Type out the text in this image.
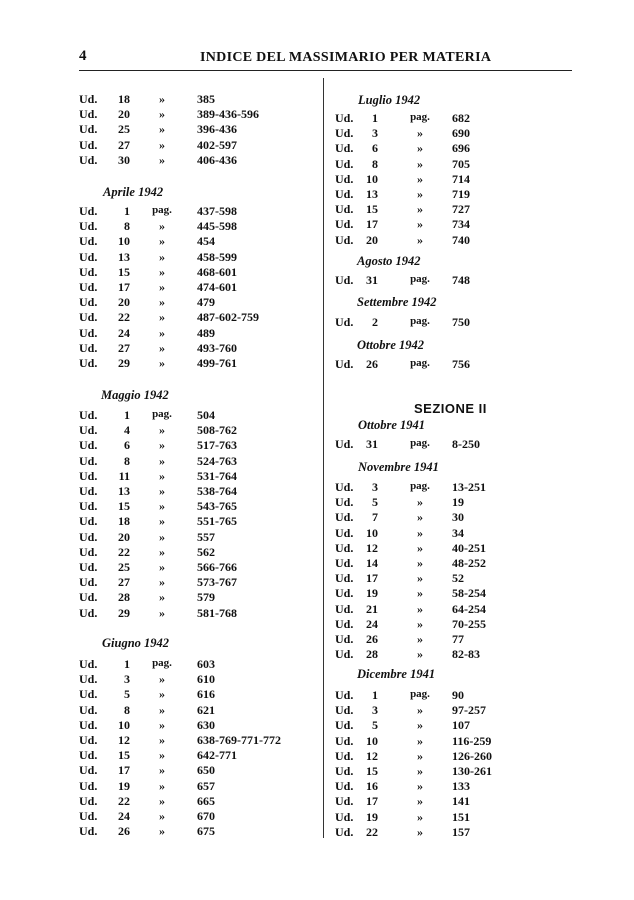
4	INDICE DEL MASSIMARIO PER MATERIA
Ud.	18	»	385
Ud.	20	»	389-436-596
Ud.	25	»	396-436
Ud.	27	»	402-597
Ud.	30	»	406-436
Aprile 1942
Ud.	1	pag.	437-598
Ud.	8	»	445-598
Ud.	10	»	454
Ud.	13	»	458-599
Ud.	15	»	468-601
Ud.	17	»	474-601
Ud.	20	»	479
Ud.	22	»	487-602-759
Ud.	24	»	489
Ud.	27	»	493-760
Ud.	29	»	499-761
Maggio 1942
Ud.	1	pag.	504
Ud.	4	»	508-762
Ud.	6	»	517-763
Ud.	8	»	524-763
Ud.	11	»	531-764
Ud.	13	»	538-764
Ud.	15	»	543-765
Ud.	18	»	551-765
Ud.	20	»	557
Ud.	22	»	562
Ud.	25	»	566-766
Ud.	27	»	573-767
Ud.	28	»	579
Ud.	29	»	581-768
Giugno 1942
Ud.	1	pag.	603
Ud.	3	»	610
Ud.	5	»	616
Ud.	8	»	621
Ud.	10	»	630
Ud.	12	»	638-769-771-772
Ud.	15	»	642-771
Ud.	17	»	650
Ud.	19	»	657
Ud.	22	»	665
Ud.	24	»	670
Ud.	26	»	675
Luglio 1942
Ud.	1	pag.	682
Ud.	3	»	690
Ud.	6	»	696
Ud.	8	»	705
Ud.	10	»	714
Ud.	13	»	719
Ud.	15	»	727
Ud.	17	»	734
Ud.	20	»	740
Agosto 1942
Ud.	31	pag.	748
Settembre 1942
Ud.	2	pag.	750
Ottobre 1942
Ud.	26	pag.	756
SEZIONE II
Ottobre 1941
Ud.	31	pag.	8-250
Novembre 1941
Ud.	3	pag.	13-251
Ud.	5	»	19
Ud.	7	»	30
Ud.	10	»	34
Ud.	12	»	40-251
Ud.	14	»	48-252
Ud.	17	»	52
Ud.	19	»	58-254
Ud.	21	»	64-254
Ud.	24	»	70-255
Ud.	26	»	77
Ud.	28	»	82-83
Dicembre 1941
Ud.	1	pag.	90
Ud.	3	»	97-257
Ud.	5	»	107
Ud.	10	»	116-259
Ud.	12	»	126-260
Ud.	15	»	130-261
Ud.	16	»	133
Ud.	17	»	141
Ud.	19	»	151
Ud.	22	»	157
